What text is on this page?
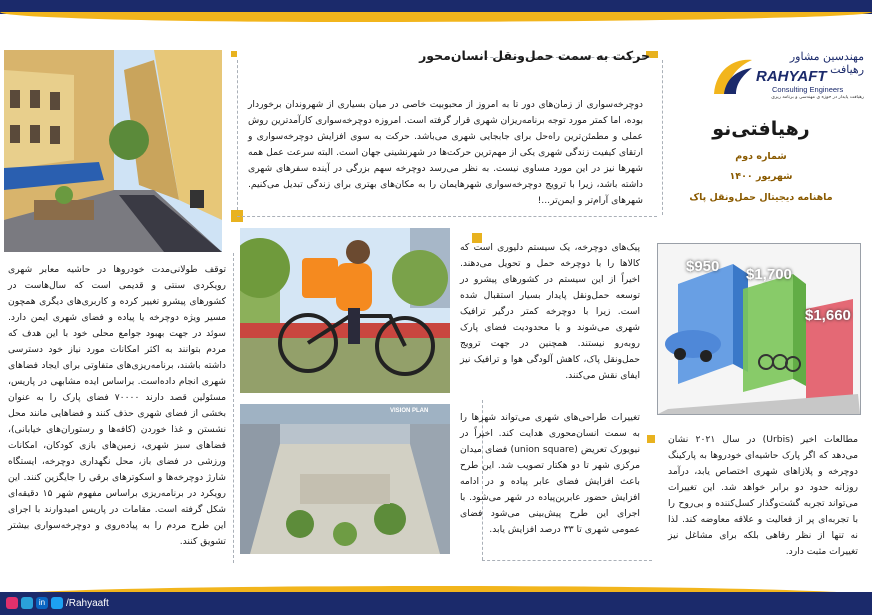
in /Rahyaaft
حرکت به سمت حمل‌ونقل انسان‌محور
دوچرخه‌سواری از زمان‌های دور تا به امروز از محبوبیت خاصی در میان بسیاری از شهروندان برخوردار بوده، اما کمتر مورد توجه برنامه‌ریزان شهری قرار گرفته است. امروزه دوچرخه‌سواری کارآمدترین روش عملی و مطمئن‌ترین راه‌حل برای جابجایی شهری می‌باشد. حرکت به سوی افزایش دوچرخه‌سواری و ارتقای کیفیت زندگی شهری یکی از مهم‌ترین حرکت‌ها در شهرنشینی جهان است. البته سرعت عمل همه شهرها نیز در این مورد مساوی نیست. به نظر می‌رسد دوچرخه سهم بزرگی در آینده سفرهای شهری داشته باشد، زیرا با ترویج دوچرخه‌سواری شهرهایمان را به مکان‌های بهتری برای زندگی تبدیل می‌کنیم. شهرهای آرام‌تر و ایمن‌تر...!
مهندسین مشاور رهیافت
RAHYAFT
Consulting Engineers
رهیافت پایدار در حوزه ی مهندسی و برنامه ریزی
رهیافتی‌نو
شماره دوم
شهریور ۱۴۰۰
ماهنامه دیجیتال حمل‌ونقل پاک
توقف طولانی‌مدت خودروها در حاشیه معابر شهری رویکردی سنتی و قدیمی است که سال‌هاست در کشورهای پیشرو تغییر کرده و کاربری‌های دیگری همچون مسیر ویژه دوچرخه یا پیاده و فضای شهری ایمن دارد. سوئد در جهت بهبود جوامع محلی خود با این هدف که مردم بتوانند به اکثر امکانات مورد نیاز خود دسترسی داشته باشند، برنامه‌ریزی‌های متفاوتی برای ایجاد فضاهای شهری انجام داده‌است. براساس ایده مشابهی در پاریس، مسئولین قصد دارند ۷۰۰۰۰ فضای پارک را به عنوان بخشی از فضای شهری حذف کنند و فضاهایی مانند محل نشستن و غذا خوردن (کافه‌ها و رستوران‌های خیابانی)، فضاهای سبز شهری، زمین‌های بازی کودکان، امکانات ورزشی در فضای باز، محل نگهداری دوچرخه، ایستگاه شارژ دوچرخه‌ها و اسکوترهای برقی را جایگزین کنند. این رویکرد در برنامه‌ریزی براساس مفهوم شهر ۱۵ دقیقه‌ای شکل گرفته است. مقامات در پاریس امیدوارند با اجرای این طرح مردم را به پیاده‌روی و دوچرخه‌سواری بیشتر تشویق کنند.
VISION PLAN
پیک‌های دوچرخه، یک سیستم دلیوری است که کالاها را با دوچرخه حمل و تحویل می‌دهند. اخیراً از این سیستم در کشورهای پیشرو در توسعه حمل‌ونقل پایدار بسیار استقبال شده است. زیرا با دوچرخه کمتر درگیر ترافیک شهری می‌شوند و با محدودیت فضای پارک روبه‌رو نیستند. همچنین در جهت ترویج حمل‌ونقل پاک، کاهش آلودگی هوا و ترافیک نیز ایفای نقش می‌کنند.
تغییرات طراحی‌های شهری می‌تواند شهرها را به سمت انسان‌محوری هدایت کند. اخیراً در نیویورک تعریض (union square) فضای میدان مرکزی شهر تا دو هکتار تصویب شد. این طرح باعث افزایش فضای عابر پیاده و در ادامه افزایش حضور عابرین‌پیاده در شهر می‌شود. با اجرای این طرح پیش‌بینی می‌شود فضای عمومی شهری تا ۳۳ درصد افزایش یابد.
$950 $1,700
$1,660
مطالعات اخیر (Urbis) در سال ۲۰۲۱ نشان می‌دهد که اگر پارک حاشیه‌ای خودروها به پارکینگ دوچرخه و پلازاهای شهری اختصاص یابد، درآمد روزانه حدود دو برابر خواهد شد. این تغییرات می‌تواند تجربه گشت‌وگذار کسل‌کننده و بی‌روح را با تجربه‌ای پر از فعالیت و علاقه معاوضه کند. لذا نه تنها از نظر رفاهی بلکه برای مشاغل نیز تغییرات مثبت دارد.
